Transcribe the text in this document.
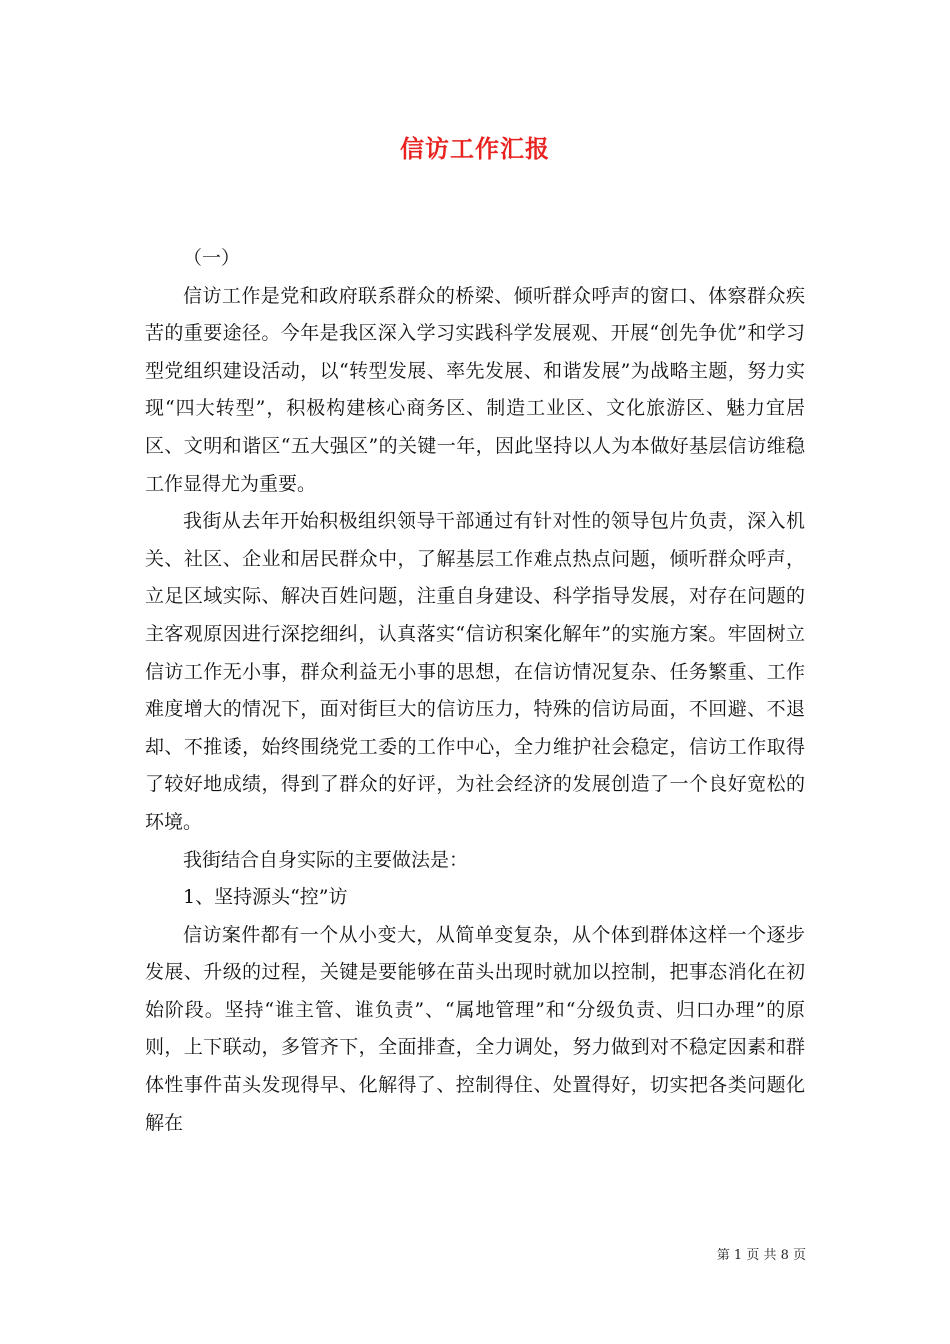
信访工作汇报

（一）

信访工作是党和政府联系群众的桥梁、倾听群众呼声的窗口、体察群众疾苦的重要途径。今年是我区深入学习实践科学发展观、开展“创先争优”和学习型党组织建设活动，以“转型发展、率先发展、和谐发展”为战略主题，努力实现“四大转型”，积极构建核心商务区、制造工业区、文化旅游区、魅力宜居区、文明和谐区“五大强区”的关键一年，因此坚持以人为本做好基层信访维稳工作显得尤为重要。

我街从去年开始积极组织领导干部通过有针对性的领导包片负责，深入机关、社区、企业和居民群众中，了解基层工作难点热点问题，倾听群众呼声，立足区域实际、解决百姓问题，注重自身建设、科学指导发展，对存在问题的主客观原因进行深挖细纠，认真落实“信访积案化解年”的实施方案。牢固树立信访工作无小事，群众利益无小事的思想，在信访情况复杂、任务繁重、工作难度增大的情况下，面对街巨大的信访压力，特殊的信访局面，不回避、不退却、不推诿，始终围绕党工委的工作中心，全力维护社会稳定，信访工作取得了较好地成绩，得到了群众的好评，为社会经济的发展创造了一个良好宽松的环境。

我街结合自身实际的主要做法是：

1、坚持源头“控”访

信访案件都有一个从小变大，从简单变复杂，从个体到群体这样一个逐步发展、升级的过程，关键是要能够在苗头出现时就加以控制，把事态消化在初始阶段。坚持“谁主管、谁负责”、“属地管理”和“分级负责、归口办理”的原则，上下联动，多管齐下，全面排查，全力调处，努力做到对不稳定因素和群体性事件苗头发现得早、化解得了、控制得住、处置得好，切实把各类问题化解在

第 1 页 共 8 页
